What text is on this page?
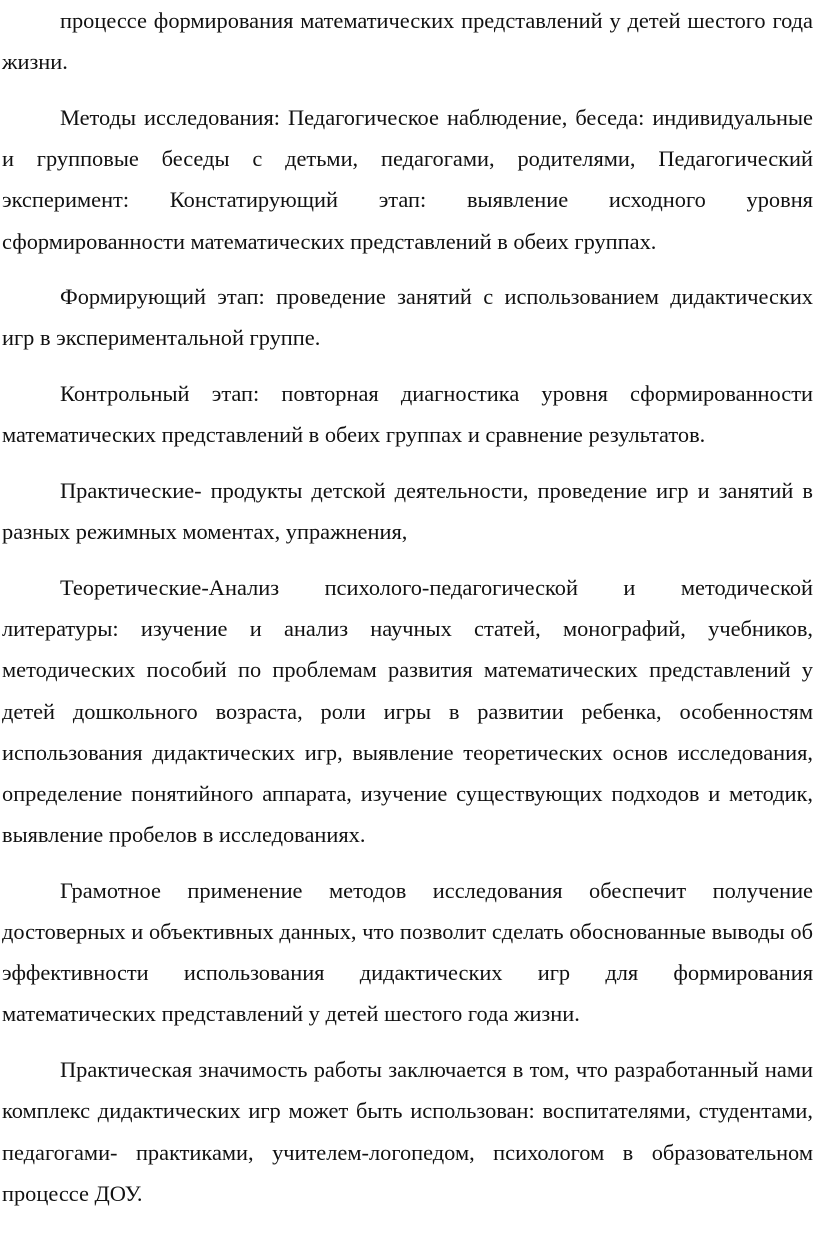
процессе формирования математических представлений у детей шестого года жизни.

Методы исследования: Педагогическое наблюдение, беседа: индивидуальные и групповые беседы с детьми, педагогами, родителями, Педагогический эксперимент: Констатирующий этап: выявление исходного уровня сформированности математических представлений в обеих группах.

Формирующий этап: проведение занятий с использованием дидактических игр в экспериментальной группе.

Контрольный этап: повторная диагностика уровня сформированности математических представлений в обеих группах и сравнение результатов.

Практические- продукты детской деятельности, проведение игр и занятий в разных режимных моментах, упражнения,

Теоретические-Анализ психолого-педагогической и методической литературы: изучение и анализ научных статей, монографий, учебников, методических пособий по проблемам развития математических представлений у детей дошкольного возраста, роли игры в развитии ребенка, особенностям использования дидактических игр, выявление теоретических основ исследования, определение понятийного аппарата, изучение существующих подходов и методик, выявление пробелов в исследованиях.

Грамотное применение методов исследования обеспечит получение достоверных и объективных данных, что позволит сделать обоснованные выводы об эффективности использования дидактических игр для формирования математических представлений у детей шестого года жизни.

Практическая значимость работы заключается в том, что разработанный нами комплекс дидактических игр может быть использован: воспитателями, студентами, педагогами- практиками, учителем-логопедом, психологом в образовательном процессе ДОУ.
